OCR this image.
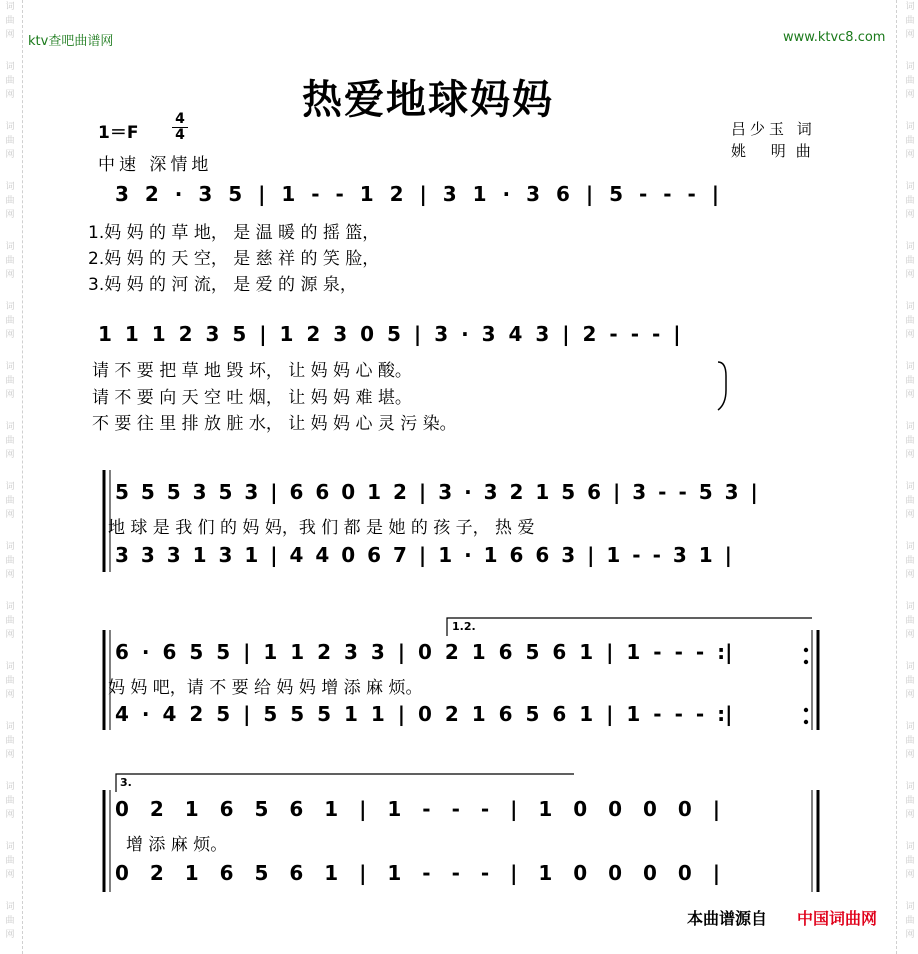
词
曲
网
词
曲
网
词
曲
网
词
曲
网
词
曲
网
词
曲
网
词
曲
网
词
曲
网
词
曲
网
词
曲
网
词
曲
网
词
曲
网
词
曲
网
词
曲
网
词
曲
网
词
曲
网
词
曲
网
词
曲
网
词
曲
网
词
曲
网
词
曲
网
词
曲
网
词
曲
网
词
曲
网
词
曲
网
词
曲
网
词
曲
网
词
曲
网
词
曲
网
词
曲
网
词
曲
网
词
曲
网
ktv查吧曲谱网	www.ktvc8.com
热爱地球妈妈
1＝F
4
4
中速 深情地
吕少玉 词
姚 明曲
3 2 · 3 5 | 1 - - 1 2 | 3 1 · 3 6 | 5 - - - |
1.妈 妈 的 草 地， 是 温 暖 的 摇 篮，
2.妈 妈 的 天 空， 是 慈 祥 的 笑 脸，
3.妈 妈 的 河 流， 是 爱 的 源 泉，
1 1 1 2 3 5 | 1 2 3 0 5 | 3 · 3 4 3 | 2 - - - |
请 不 要 把 草 地 毁 坏， 让 妈 妈 心 酸。
请 不 要 向 天 空 吐 烟， 让 妈 妈 难 堪。
不 要 往 里 排 放 脏 水， 让 妈 妈 心 灵 污 染。
5 5 5 3 5 3 | 6 6 0 1 2 | 3 · 3 2 1 5 6 | 3 - - 5 3 |
地 球 是 我 们 的 妈 妈，我 们 都 是 她 的 孩 子， 热 爱
3 3 3 1 3 1 | 4 4 0 6 7 | 1 · 1 6 6 3 | 1 - - 3 1 |
1.2.
6 · 6 5 5 | 1 1 2 3 3 | 0 2 1 6 5 6 1 | 1 - - - :|
妈 妈 吧，请 不 要 给 妈 妈 增 添 麻 烦。
4 · 4 2 5 | 5 5 5 1 1 | 0 2 1 6 5 6 1 | 1 - - - :|
3.
0 2 1 6 5 6 1 | 1 - - - | 1 0 0 0 0 |
增 添 麻 烦。
0 2 1 6 5 6 1 | 1 - - - | 1 0 0 0 0 |
本曲谱源自 中国词曲网
